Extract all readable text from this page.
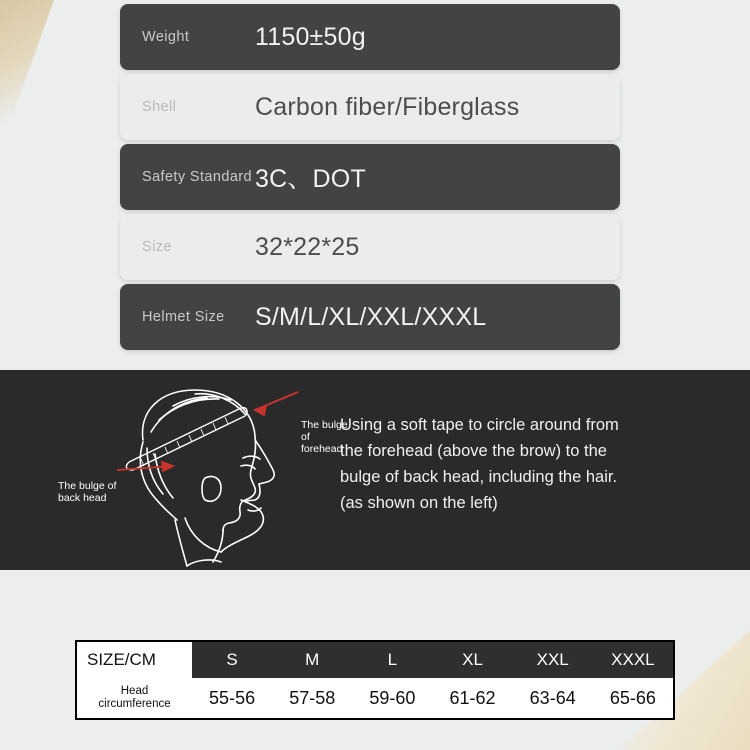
Weight	1150±50g
Shell	Carbon fiber/Fiberglass
Safety Standard 3C、DOT
Size	32*22*25
Helmet Size	S/M/L/XL/XXL/XXXL
The bulge of
forehead
The bulge of
back head
Using a soft tape to circle around from
the forehead (above the brow) to the
bulge of back head, including the hair.
(as shown on the left)
SIZE/CM	S	M	L	XL	XXL	XXXL

Head
circumference	55-56	57-58	59-60	61-62	63-64	65-66
